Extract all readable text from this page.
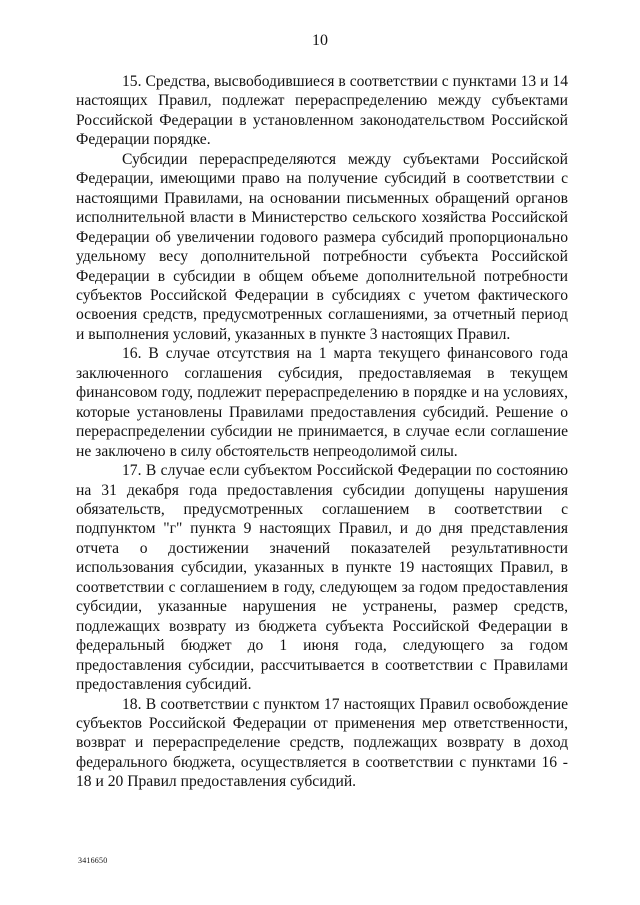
10

15. Средства, высвободившиеся в соответствии с пунктами 13 и 14 настоящих Правил, подлежат перераспределению между субъектами Российской Федерации в установленном законодательством Российской Федерации порядке.

Субсидии перераспределяются между субъектами Российской Федерации, имеющими право на получение субсидий в соответствии с настоящими Правилами, на основании письменных обращений органов исполнительной власти в Министерство сельского хозяйства Российской Федерации об увеличении годового размера субсидий пропорционально удельному весу дополнительной потребности субъекта Российской Федерации в субсидии в общем объеме дополнительной потребности субъектов Российской Федерации в субсидиях с учетом фактического освоения средств, предусмотренных соглашениями, за отчетный период и выполнения условий, указанных в пункте 3 настоящих Правил.

16. В случае отсутствия на 1 марта текущего финансового года заключенного соглашения субсидия, предоставляемая в текущем финансовом году, подлежит перераспределению в порядке и на условиях, которые установлены Правилами предоставления субсидий. Решение о перераспределении субсидии не принимается, в случае если соглашение не заключено в силу обстоятельств непреодолимой силы.

17. В случае если субъектом Российской Федерации по состоянию на 31 декабря года предоставления субсидии допущены нарушения обязательств, предусмотренных соглашением в соответствии с подпунктом "г" пункта 9 настоящих Правил, и до дня представления отчета о достижении значений показателей результативности использования субсидии, указанных в пункте 19 настоящих Правил, в соответствии с соглашением в году, следующем за годом предоставления субсидии, указанные нарушения не устранены, размер средств, подлежащих возврату из бюджета субъекта Российской Федерации в федеральный бюджет до 1 июня года, следующего за годом предоставления субсидии, рассчитывается в соответствии с Правилами предоставления субсидий.

18. В соответствии с пунктом 17 настоящих Правил освобождение субъектов Российской Федерации от применения мер ответственности, возврат и перераспределение средств, подлежащих возврату в доход федерального бюджета, осуществляется в соответствии с пунктами 16 - 18 и 20 Правил предоставления субсидий.

3416650
